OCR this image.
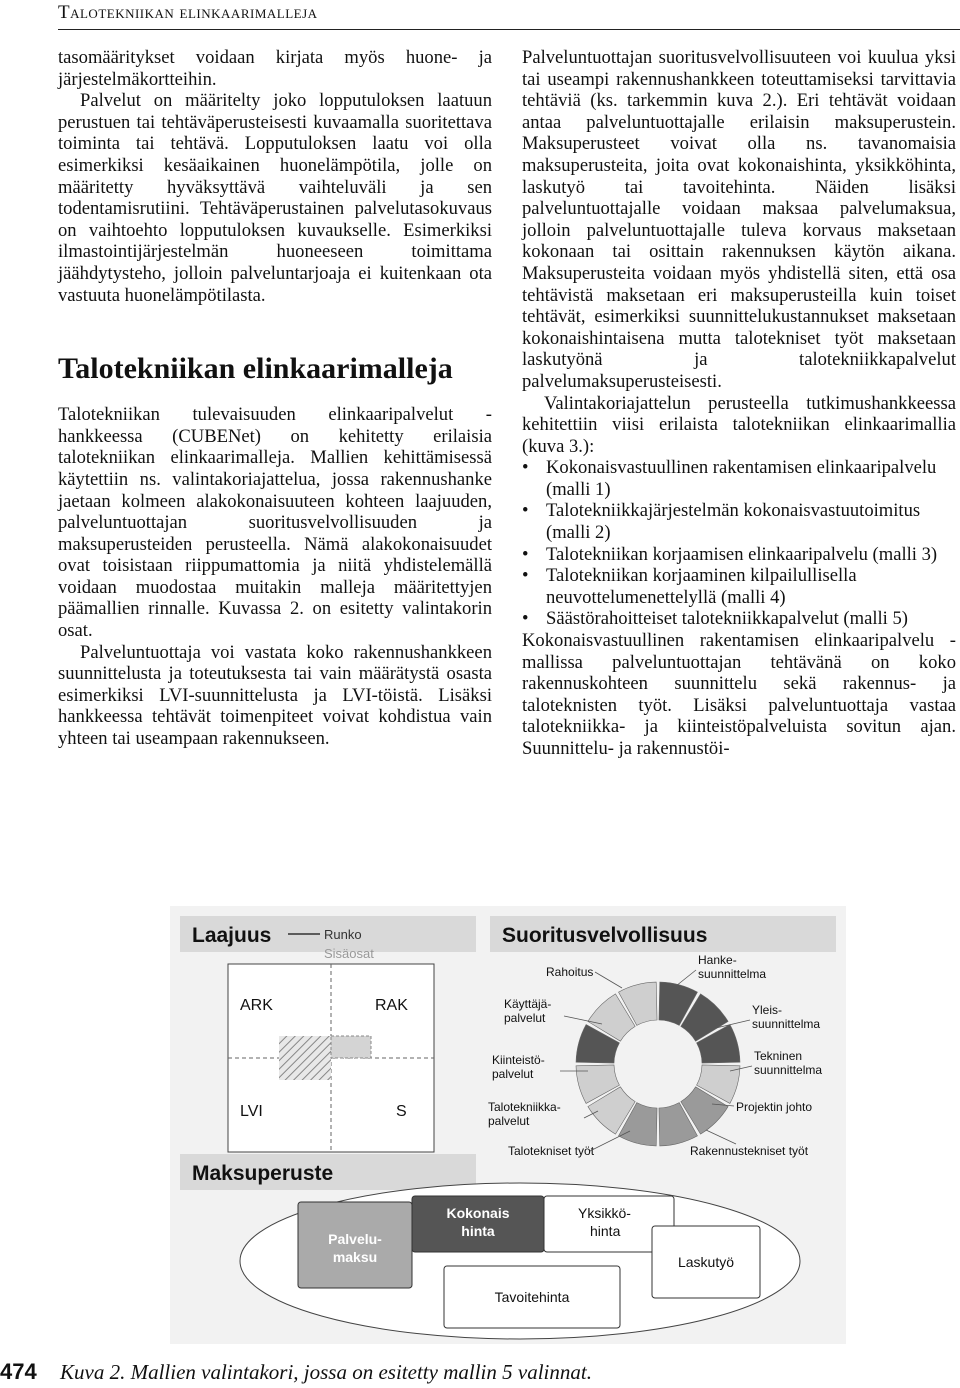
Talotekniikan elinkaarimalleja

tasomääritykset voidaan kirjata myös huone- ja järjestelmäkortteihin.

Palvelut on määritelty joko lopputuloksen laatuun perustuen tai tehtäväperusteisesti kuvaamalla suoritettava toiminta tai tehtävä. Lopputuloksen laatu voi olla esimerkiksi kesäaikainen huonelämpötila, jolle on määritetty hyväksyttävä vaihteluväli ja sen todentamisrutiini. Tehtäväperustainen palvelutasokuvaus on vaihtoehto lopputuloksen kuvaukselle. Esimerkiksi ilmastointijärjestelmän huoneeseen toimittama jäähdytysteho, jolloin palveluntarjoaja ei kuitenkaan ota vastuuta huonelämpötilasta.

Talotekniikan elinkaarimalleja

Talotekniikan tulevaisuuden elinkaaripalvelut -hankkeessa (CUBENet) on kehitetty erilaisia talotekniikan elinkaarimalleja. Mallien kehittämisessä käytettiin ns. valintakoriajattelua, jossa rakennushanke jaetaan kolmeen alakokonaisuuteen kohteen laajuuden, palveluntuottajan suoritusvelvollisuuden ja maksuperusteiden perusteella. Nämä alakokonaisuudet ovat toisistaan riippumattomia ja niitä yhdistelemällä voidaan muodostaa muitakin malleja määritettyjen päämallien rinnalle. Kuvassa 2. on esitetty valintakorin osat.

Palveluntuottaja voi vastata koko rakennushankkeen suunnittelusta ja toteutuksesta tai vain määrätystä osasta esimerkiksi LVI-suunnittelusta ja LVI-töistä. Lisäksi hankkeessa tehtävät toimenpiteet voivat kohdistua vain yhteen tai useampaan rakennukseen.

Palveluntuottajan suoritusvelvollisuuteen voi kuulua yksi tai useampi rakennushankkeen toteuttamiseksi tarvittavia tehtäviä (ks. tarkemmin kuva 2.). Eri tehtävät voidaan antaa palveluntuottajalle erilaisin maksuperustein. Maksuperusteet voivat olla ns. tavanomaisia maksuperusteita, joita ovat kokonaishinta, yksikköhinta, laskutyö tai tavoitehinta. Näiden lisäksi palveluntuottajalle voidaan maksaa palvelumaksua, jolloin palveluntuottajalle tuleva korvaus maksetaan kokonaan tai osittain rakennuksen käytön aikana. Maksuperusteita voidaan myös yhdistellä siten, että osa tehtävistä maksetaan eri maksuperusteilla kuin toiset tehtävät, esimerkiksi suunnittelukustannukset maksetaan kokonaishintaisena mutta talotekniset työt maksetaan laskutyönä ja talotekniikkapalvelut palvelumaksuperusteisesti.

Valintakoriajattelun perusteella tutkimushankkeessa kehitettiin viisi erilaista talotekniikan elinkaarimallia (kuva 3.):

• Kokonaisvastuullinen rakentamisen elinkaaripalvelu (malli 1)
• Talotekniikkajärjestelmän kokonaisvastuutoimitus (malli 2)
• Talotekniikan korjaamisen elinkaaripalvelu (malli 3)
• Talotekniikan korjaaminen kilpailullisella neuvottelumenettelyllä (malli 4)
• Säästörahoitteiset talotekniikkapalvelut (malli 5)

Kokonaisvastuullinen rakentamisen elinkaaripalvelu -mallissa palveluntuottajan tehtävänä on koko rakennuskohteen suunnittelu sekä rakennus- ja taloteknisten työt. Lisäksi palveluntuottaja vastaa talotekniikka- ja kiinteistöpalveluista sovitun ajan. Suunnittelu- ja rakennustöi-

Laajuus	Runko
Sisäosat
ARK	RAK
LVI	S
Suoritusvelvollisuus
Rahoitus
Käyttäjä-
palvelut
Kiinteistö-
palvelut
Talotekniikka-
palvelut
Talotekniset työt
Hanke-
suunnittelma
Yleis-
suunnittelma
Tekninen
suunnittelma
Projektin johto
Rakennustekniset työt
Maksuperuste
Kokonais
hinta
Yksikkö-
hinta
Palvelu-
maksu	Laskutyö
Tavoitehinta
474 Kuva 2. Mallien valintakori, jossa on esitetty mallin 5 valinnat.
